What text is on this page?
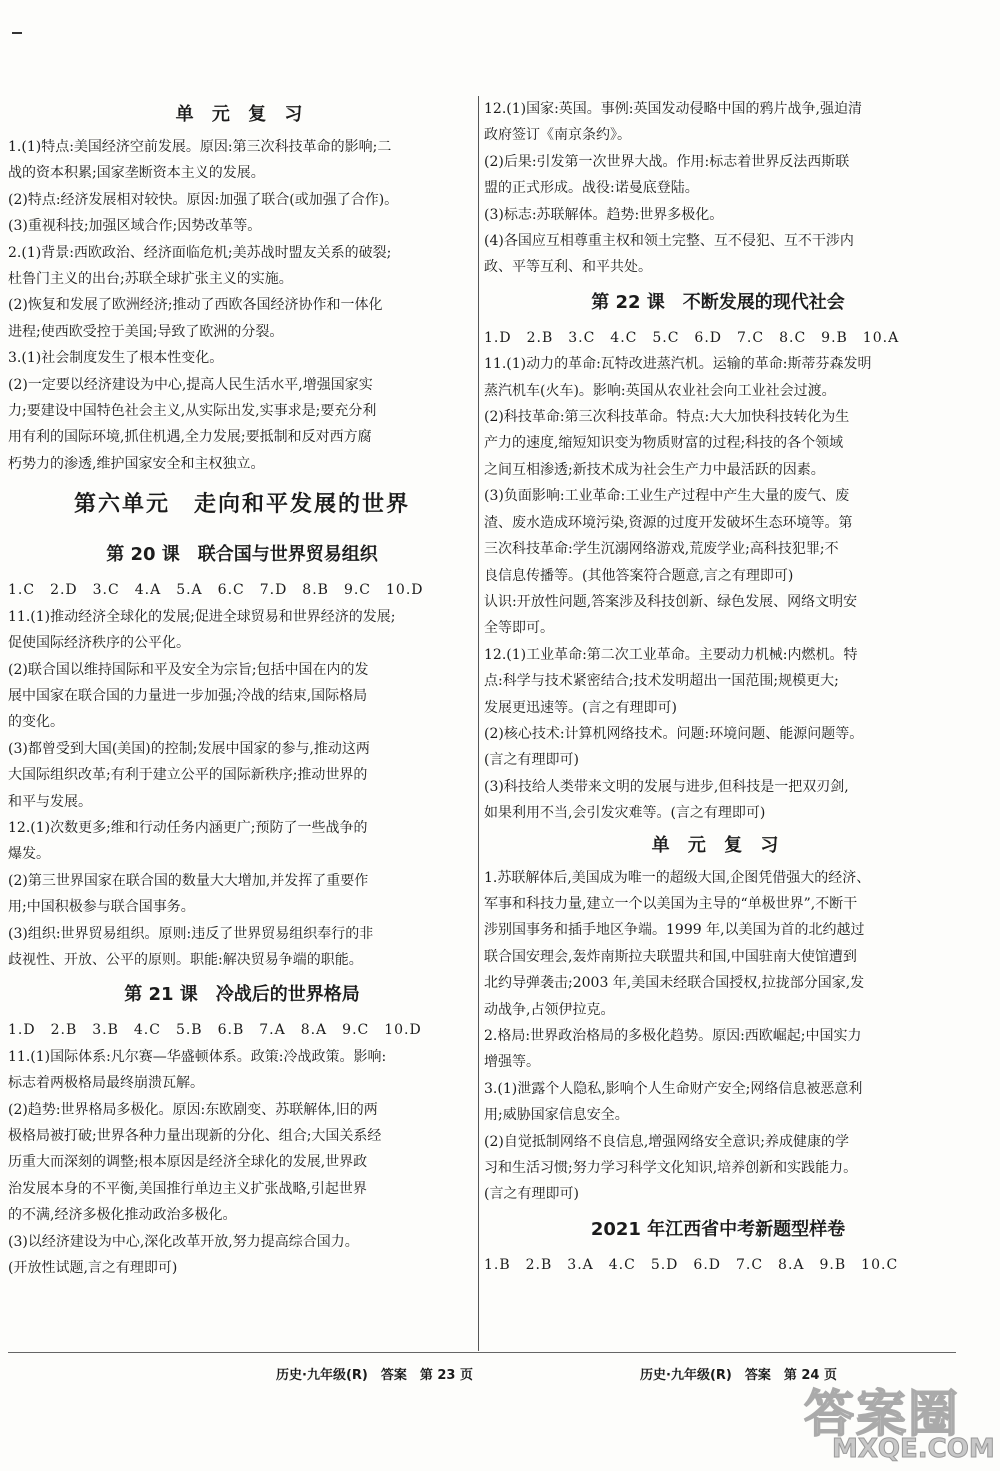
单 元 复 习

1.(1)特点:美国经济空前发展。原因:第三次科技革命的影响;二

战的资本积累;国家垄断资本主义的发展。

(2)特点:经济发展相对较快。原因:加强了联合(或加强了合作)。

(3)重视科技;加强区域合作;因势改革等。

2.(1)背景:西欧政治、经济面临危机;美苏战时盟友关系的破裂;

杜鲁门主义的出台;苏联全球扩张主义的实施。

(2)恢复和发展了欧洲经济;推动了西欧各国经济协作和一体化

进程;使西欧受控于美国;导致了欧洲的分裂。

3.(1)社会制度发生了根本性变化。

(2)一定要以经济建设为中心,提高人民生活水平,增强国家实

力;要建设中国特色社会主义,从实际出发,实事求是;要充分利

用有利的国际环境,抓住机遇,全力发展;要抵制和反对西方腐

朽势力的渗透,维护国家安全和主权独立。

第六单元　走向和平发展的世界
第 20 课　联合国与世界贸易组织

1.C　2.D　3.C　4.A　5.A　6.C　7.D　8.B　9.C　10.D

11.(1)推动经济全球化的发展;促进全球贸易和世界经济的发展;

促使国际经济秩序的公平化。

(2)联合国以维持国际和平及安全为宗旨;包括中国在内的发

展中国家在联合国的力量进一步加强;冷战的结束,国际格局

的变化。

(3)都曾受到大国(美国)的控制;发展中国家的参与,推动这两

大国际组织改革;有利于建立公平的国际新秩序;推动世界的

和平与发展。

12.(1)次数更多;维和行动任务内涵更广;预防了一些战争的

爆发。

(2)第三世界国家在联合国的数量大大增加,并发挥了重要作

用;中国积极参与联合国事务。

(3)组织:世界贸易组织。原则:违反了世界贸易组织奉行的非

歧视性、开放、公平的原则。职能:解决贸易争端的职能。

第 21 课　冷战后的世界格局

1.D　2.B　3.B　4.C　5.B　6.B　7.A　8.A　9.C　10.D

11.(1)国际体系:凡尔赛—华盛顿体系。政策:冷战政策。影响:

标志着两极格局最终崩溃瓦解。

(2)趋势:世界格局多极化。原因:东欧剧变、苏联解体,旧的两

极格局被打破;世界各种力量出现新的分化、组合;大国关系经

历重大而深刻的调整;根本原因是经济全球化的发展,世界政

治发展本身的不平衡,美国推行单边主义扩张战略,引起世界

的不满,经济多极化推动政治多极化。

(3)以经济建设为中心,深化改革开放,努力提高综合国力。

(开放性试题,言之有理即可)

12.(1)国家:英国。事例:英国发动侵略中国的鸦片战争,强迫清

政府签订《南京条约》。

(2)后果:引发第一次世界大战。作用:标志着世界反法西斯联

盟的正式形成。战役:诺曼底登陆。

(3)标志:苏联解体。趋势:世界多极化。

(4)各国应互相尊重主权和领土完整、互不侵犯、互不干涉内

政、平等互利、和平共处。

第 22 课　不断发展的现代社会

1.D　2.B　3.C　4.C　5.C　6.D　7.C　8.C　9.B　10.A

11.(1)动力的革命:瓦特改进蒸汽机。运输的革命:斯蒂芬森发明

蒸汽机车(火车)。影响:英国从农业社会向工业社会过渡。

(2)科技革命:第三次科技革命。特点:大大加快科技转化为生

产力的速度,缩短知识变为物质财富的过程;科技的各个领域

之间互相渗透;新技术成为社会生产力中最活跃的因素。

(3)负面影响:工业革命:工业生产过程中产生大量的废气、废

渣、废水造成环境污染,资源的过度开发破坏生态环境等。第

三次科技革命:学生沉溺网络游戏,荒废学业;高科技犯罪;不

良信息传播等。(其他答案符合题意,言之有理即可)

认识:开放性问题,答案涉及科技创新、绿色发展、网络文明安

全等即可。

12.(1)工业革命:第二次工业革命。主要动力机械:内燃机。特

点:科学与技术紧密结合;技术发明超出一国范围;规模更大;

发展更迅速等。(言之有理即可)

(2)核心技术:计算机网络技术。问题:环境问题、能源问题等。

(言之有理即可)

(3)科技给人类带来文明的发展与进步,但科技是一把双刃剑,

如果利用不当,会引发灾难等。(言之有理即可)

单 元 复 习

1.苏联解体后,美国成为唯一的超级大国,企图凭借强大的经济、

军事和科技力量,建立一个以美国为主导的“单极世界”,不断干

涉别国事务和插手地区争端。1999 年,以美国为首的北约越过

联合国安理会,轰炸南斯拉夫联盟共和国,中国驻南大使馆遭到

北约导弹袭击;2003 年,美国未经联合国授权,拉拢部分国家,发

动战争,占领伊拉克。

2.格局:世界政治格局的多极化趋势。原因:西欧崛起;中国实力

增强等。

3.(1)泄露个人隐私,影响个人生命财产安全;网络信息被恶意利

用;威胁国家信息安全。

(2)自觉抵制网络不良信息,增强网络安全意识;养成健康的学

习和生活习惯;努力学习科学文化知识,培养创新和实践能力。

(言之有理即可)

2021 年江西省中考新题型样卷

1.B　2.B　3.A　4.C　5.D　6.D　7.C　8.A　9.B　10.C

历史·九年级(R)　答案　第 23 页	历史·九年级(R)　答案　第 24 页
答案圈
MXQE.COM
